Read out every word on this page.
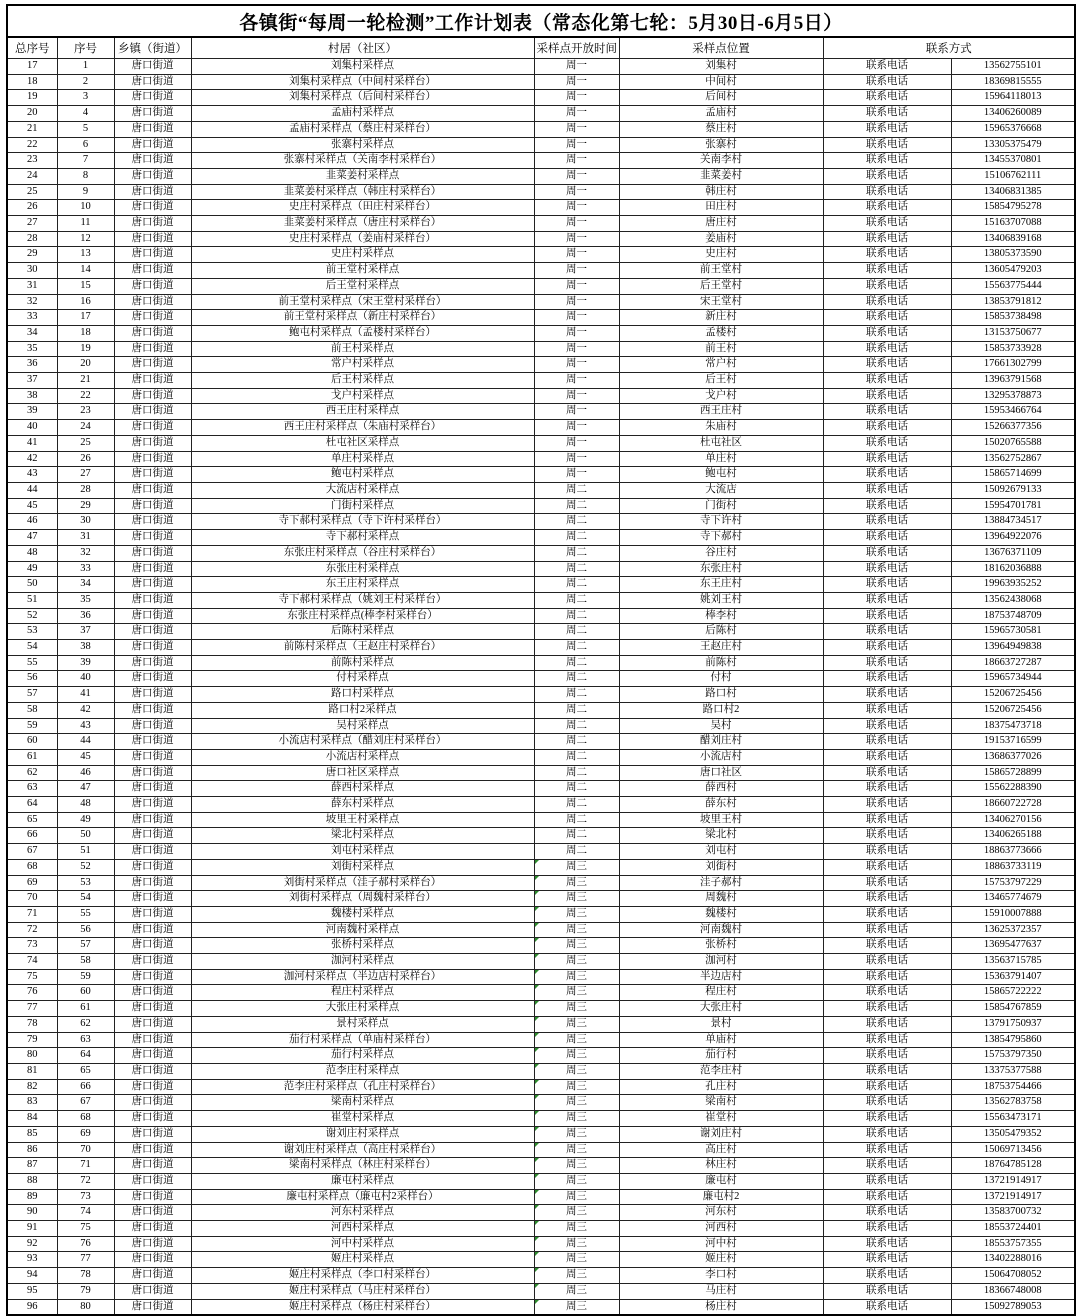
各镇街“每周一轮检测”工作计划表（常态化第七轮：5月30日-6月5日）							
总序号	序号	乡镇（街道）	村居（社区）	采样点开放时间	采样点位置	联系方式	
17	1	唐口街道	刘集村采样点	周一	刘集村	联系电话	13562755101
18	2	唐口街道	刘集村采样点（中间村采样台）	周一	中间村	联系电话	18369815555
19	3	唐口街道	刘集村采样点（后间村采样台）	周一	后间村	联系电话	15964118013
20	4	唐口街道	孟庙村采样点	周一	孟庙村	联系电话	13406260089
21	5	唐口街道	孟庙村采样点（蔡庄村采样台）	周一	蔡庄村	联系电话	15965376668
22	6	唐口街道	张寨村采样点	周一	张寨村	联系电话	13305375479
23	7	唐口街道	张寨村采样点（关南李村采样台）	周一	关南李村	联系电话	13455370801
24	8	唐口街道	韭菜姜村采样点	周一	韭菜姜村	联系电话	15106762111
25	9	唐口街道	韭菜姜村采样点（韩庄村采样台）	周一	韩庄村	联系电话	13406831385
26	10	唐口街道	史庄村采样点（田庄村采样台）	周一	田庄村	联系电话	15854795278
27	11	唐口街道	韭菜姜村采样点（唐庄村采样台）	周一	唐庄村	联系电话	15163707088
28	12	唐口街道	史庄村采样点（姜庙村采样台）	周一	姜庙村	联系电话	13406839168
29	13	唐口街道	史庄村采样点	周一	史庄村	联系电话	13805373590
30	14	唐口街道	前王堂村采样点	周一	前王堂村	联系电话	13605479203
31	15	唐口街道	后王堂村采样点	周一	后王堂村	联系电话	15563775444
32	16	唐口街道	前王堂村采样点（宋王堂村采样台）	周一	宋王堂村	联系电话	13853791812
33	17	唐口街道	前王堂村采样点（新庄村采样台）	周一	新庄村	联系电话	15853738498
34	18	唐口街道	鲍屯村采样点（孟楼村采样台）	周一	孟楼村	联系电话	13153750677
35	19	唐口街道	前王村采样点	周一	前王村	联系电话	15853733928
36	20	唐口街道	常户村采样点	周一	常户村	联系电话	17661302799
37	21	唐口街道	后王村采样点	周一	后王村	联系电话	13963791568
38	22	唐口街道	戈户村采样点	周一	戈户村	联系电话	13295378873
39	23	唐口街道	西王庄村采样点	周一	西王庄村	联系电话	15953466764
40	24	唐口街道	西王庄村采样点（朱庙村采样台）	周一	朱庙村	联系电话	15266377356
41	25	唐口街道	杜屯社区采样点	周一	杜屯社区	联系电话	15020765588
42	26	唐口街道	单庄村采样点	周一	单庄村	联系电话	13562752867
43	27	唐口街道	鲍屯村采样点	周一	鲍屯村	联系电话	15865714699
44	28	唐口街道	大流店村采样点	周二	大流店	联系电话	15092679133
45	29	唐口街道	门街村采样点	周二	门街村	联系电话	15954701781
46	30	唐口街道	寺下郝村采样点（寺下许村采样台）	周二	寺下许村	联系电话	13884734517
47	31	唐口街道	寺下郝村采样点	周二	寺下郝村	联系电话	13964922076
48	32	唐口街道	东张庄村采样点（谷庄村采样台）	周二	谷庄村	联系电话	13676371109
49	33	唐口街道	东张庄村采样点	周二	东张庄村	联系电话	18162036888
50	34	唐口街道	东王庄村采样点	周二	东王庄村	联系电话	19963935252
51	35	唐口街道	寺下郝村采样点（姚刘王村采样台）	周二	姚刘王村	联系电话	13562438068
52	36	唐口街道	东张庄村采样点(棒李村采样台）	周二	棒李村	联系电话	18753748709
53	37	唐口街道	后陈村采样点	周二	后陈村	联系电话	15965730581
54	38	唐口街道	前陈村采样点（王赵庄村采样台）	周二	王赵庄村	联系电话	13964949838
55	39	唐口街道	前陈村采样点	周二	前陈村	联系电话	18663727287
56	40	唐口街道	付村采样点	周二	付村	联系电话	15965734944
57	41	唐口街道	路口村采样点	周二	路口村	联系电话	15206725456
58	42	唐口街道	路口村2采样点	周二	路口村2	联系电话	15206725456
59	43	唐口街道	吴村采样点	周二	吴村	联系电话	18375473718
60	44	唐口街道	小流店村采样点（醋刘庄村采样台）	周二	醋刘庄村	联系电话	19153716599
61	45	唐口街道	小流店村采样点	周二	小流店村	联系电话	13686377026
62	46	唐口街道	唐口社区采样点	周二	唐口社区	联系电话	15865728899
63	47	唐口街道	薛西村采样点	周二	薛西村	联系电话	15562288390
64	48	唐口街道	薛东村采样点	周二	薛东村	联系电话	18660722728
65	49	唐口街道	坡里王村采样点	周二	坡里王村	联系电话	13406270156
66	50	唐口街道	梁北村采样点	周二	梁北村	联系电话	13406265188
67	51	唐口街道	刘屯村采样点	周二	刘屯村	联系电话	18863773666
68	52	唐口街道	刘街村采样点	周三	刘街村	联系电话	18863733119
69	53	唐口街道	刘街村采样点（洼子郝村采样台）	周三	洼子郝村	联系电话	15753797229
70	54	唐口街道	刘街村采样点（周魏村采样台）	周三	周魏村	联系电话	13465774679
71	55	唐口街道	魏楼村采样点	周三	魏楼村	联系电话	15910007888
72	56	唐口街道	河南魏村采样点	周三	河南魏村	联系电话	13625372357
73	57	唐口街道	张桥村采样点	周三	张桥村	联系电话	13695477637
74	58	唐口街道	泇河村采样点	周三	泇河村	联系电话	13563715785
75	59	唐口街道	泇河村采样点（半边店村采样台）	周三	半边店村	联系电话	15363791407
76	60	唐口街道	程庄村采样点	周三	程庄村	联系电话	15865722222
77	61	唐口街道	大张庄村采样点	周三	大张庄村	联系电话	15854767859
78	62	唐口街道	景村采样点	周三	景村	联系电话	13791750937
79	63	唐口街道	茄行村采样点（单庙村采样台）	周三	单庙村	联系电话	13854795860
80	64	唐口街道	茄行村采样点	周三	茄行村	联系电话	15753797350
81	65	唐口街道	范李庄村采样点	周三	范李庄村	联系电话	13375377588
82	66	唐口街道	范李庄村采样点（孔庄村采样台）	周三	孔庄村	联系电话	18753754466
83	67	唐口街道	梁南村采样点	周三	梁南村	联系电话	13562783758
84	68	唐口街道	崔堂村采样点	周三	崔堂村	联系电话	15563473171
85	69	唐口街道	谢刘庄村采样点	周三	谢刘庄村	联系电话	13505479352
86	70	唐口街道	谢刘庄村采样点（高庄村采样台）	周三	高庄村	联系电话	15069713456
87	71	唐口街道	梁南村采样点（林庄村采样台）	周三	林庄村	联系电话	18764785128
88	72	唐口街道	廉屯村采样点	周三	廉屯村	联系电话	13721914917
89	73	唐口街道	廉屯村采样点（廉屯村2采样台）	周三	廉屯村2	联系电话	13721914917
90	74	唐口街道	河东村采样点	周三	河东村	联系电话	13583700732
91	75	唐口街道	河西村采样点	周三	河西村	联系电话	18553724401
92	76	唐口街道	河中村采样点	周三	河中村	联系电话	18553757355
93	77	唐口街道	姬庄村采样点	周三	姬庄村	联系电话	13402288016
94	78	唐口街道	姬庄村采样点（李口村采样台）	周三	李口村	联系电话	15064708052
95	79	唐口街道	姬庄村采样点（马庄村采样台）	周三	马庄村	联系电话	18366748008
96	80	唐口街道	姬庄村采样点（杨庄村采样台）	周三	杨庄村	联系电话	15092789053
